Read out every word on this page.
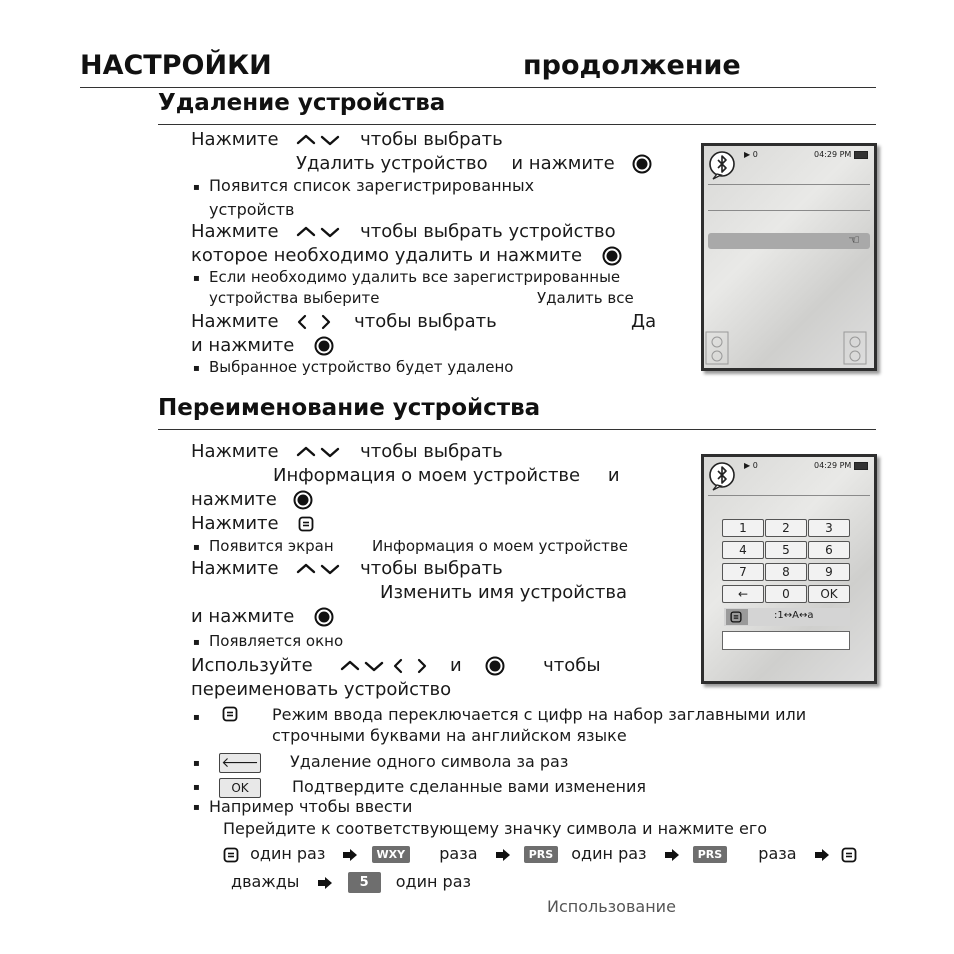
НАСТРОЙКИ	продолжение
Удаление устройства
Нажмите	чтобы выбрать
Удалить устройство и нажмите
▪ Появится список зарегистрированных
устройств
Нажмите	чтобы выбрать устройство
которое необходимо удалить и нажмите
▪ Если необходимо удалить все зарегистрированные
устройства выберите	Удалить все
Нажмите	чтобы выбрать	Да
и нажмите
▪ Выбранное устройство будет удалено
▶ 0	04:29 PM
☜
Переименование устройства
Нажмите	чтобы выбрать
Информация о моем устройстве и
нажмите
Нажмите
▪ Появится экран	Информация о моем устройстве
Нажмите	чтобы выбрать
Изменить имя устройства
и нажмите
▪ Появляется окно
Используйте	и	чтобы
переименовать устройство
▪	Режим ввода переключается с цифр на набор заглавными или
строчными буквами на английском языке
▪ 🡐 Удаление одного символа за раз
▪	OK	Подтвердите сделанные вами изменения
▪ Например чтобы ввести
Перейдите к соответствующему значку символа и нажмите его
один раз	WXY раза	PRS один раз	PRS раза
дважды	5 один раз
▶ 0	04:29 PM
1	2	3
4	5	6
7	8	9
←	0	OK
:1↔A↔a
Использование
